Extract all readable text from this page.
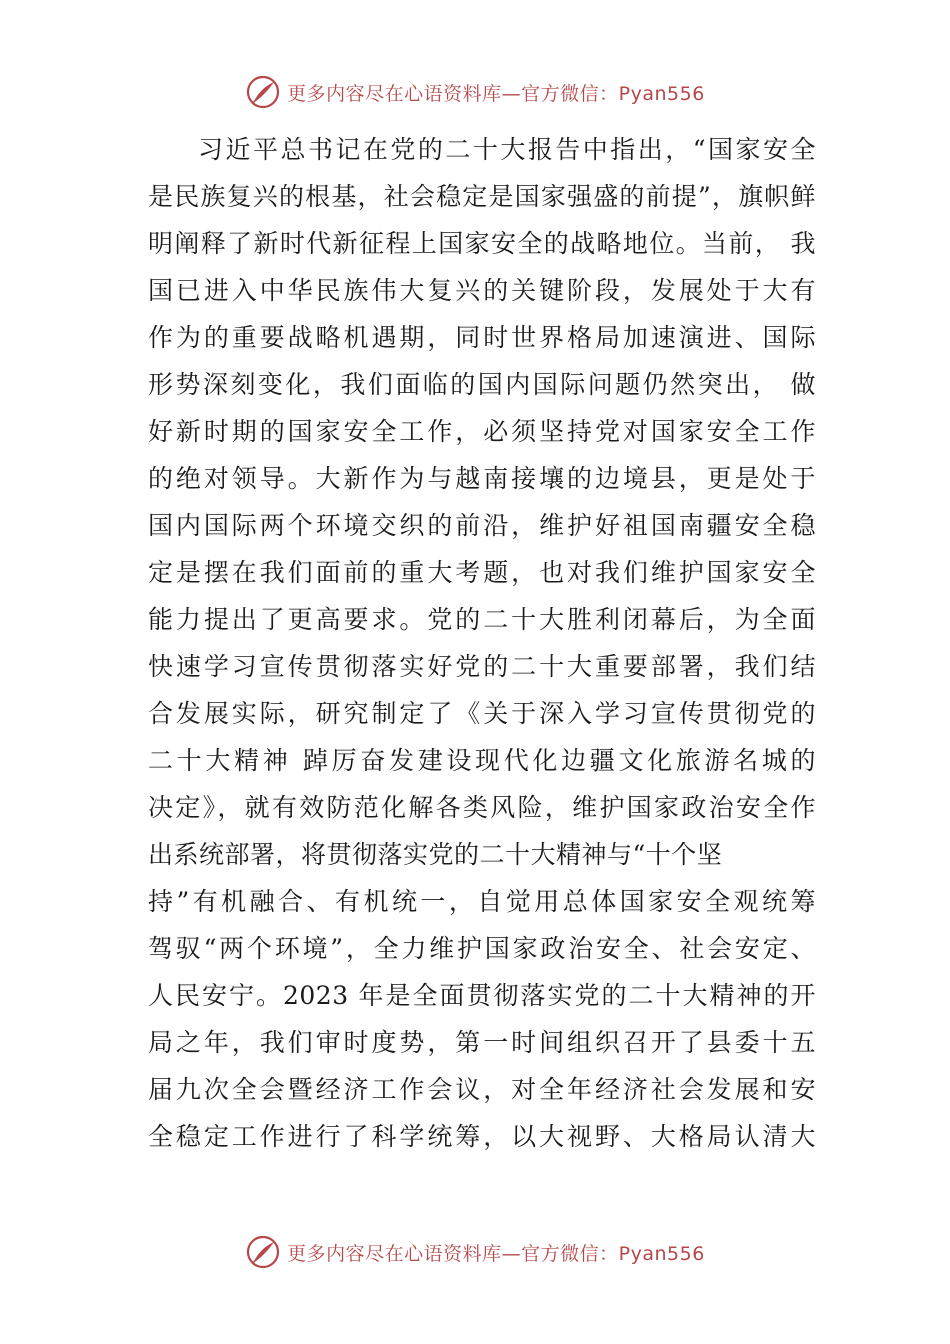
更多内容尽在心语资料库—官方微信：Pyan556
习近平总书记在党的二十大报告中指出，“国家安全
是民族复兴的根基，社会稳定是国家强盛的前提”，旗帜鲜
明阐释了新时代新征程上国家安全的战略地位。当前， 我
国已进入中华民族伟大复兴的关键阶段，发展处于大有
作为的重要战略机遇期，同时世界格局加速演进、国际
形势深刻变化，我们面临的国内国际问题仍然突出， 做
好新时期的国家安全工作，必须坚持党对国家安全工作
的绝对领导。大新作为与越南接壤的边境县，更是处于
国内国际两个环境交织的前沿，维护好祖国南疆安全稳
定是摆在我们面前的重大考题，也对我们维护国家安全
能力提出了更高要求。党的二十大胜利闭幕后，为全面
快速学习宣传贯彻落实好党的二十大重要部署，我们结
合发展实际，研究制定了《关于深入学习宣传贯彻党的
二十大精神 踔厉奋发建设现代化边疆文化旅游名城的
决定》，就有效防范化解各类风险，维护国家政治安全作
出系统部署，将贯彻落实党的二十大精神与“十个坚
持”有机融合、有机统一，自觉用总体国家安全观统筹
驾驭“两个环境”，全力维护国家政治安全、社会安定、
人民安宁。2023 年是全面贯彻落实党的二十大精神的开
局之年，我们审时度势，第一时间组织召开了县委十五
届九次全会暨经济工作会议，对全年经济社会发展和安
全稳定工作进行了科学统筹，以大视野、大格局认清大
更多内容尽在心语资料库—官方微信：Pyan556
